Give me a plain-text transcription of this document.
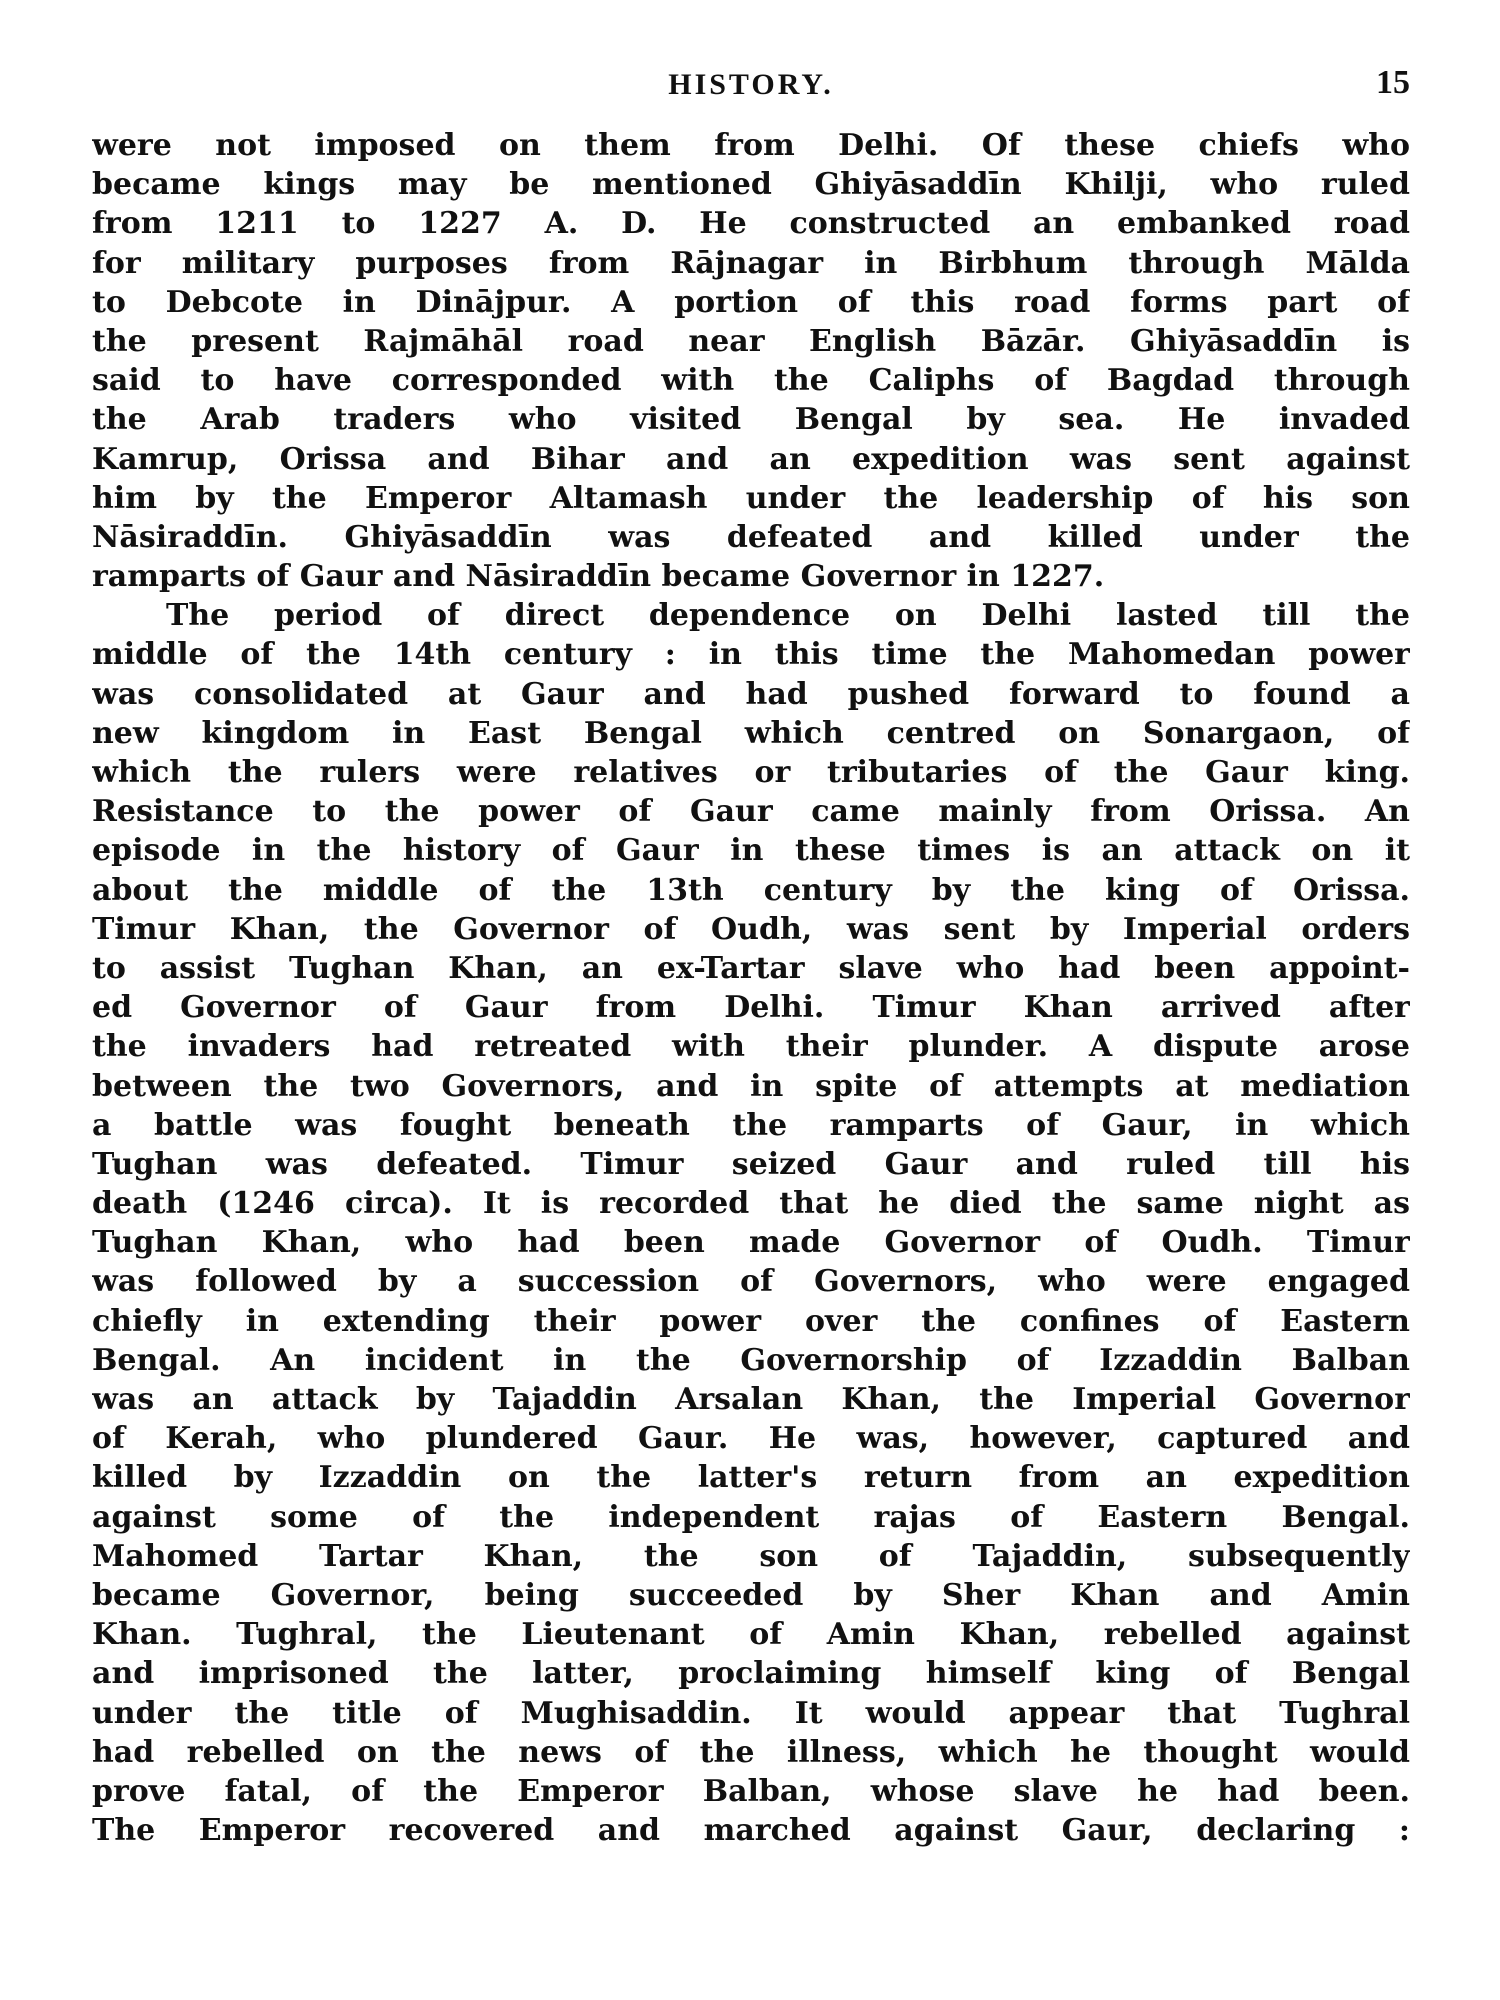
HISTORY.	15
were not imposed on them from Delhi. Of these chiefs who
became kings may be mentioned Ghiyāsaddīn Khilji, who ruled
from 1211 to 1227 A. D. He constructed an embanked road
for military purposes from Rājnagar in Birbhum through Mālda
to Debcote in Dinājpur. A portion of this road forms part of
the present Rajmāhāl road near English Bāzār. Ghiyāsaddīn is
said to have corresponded with the Caliphs of Bagdad through
the Arab traders who visited Bengal by sea. He invaded
Kamrup, Orissa and Bihar and an expedition was sent against
him by the Emperor Altamash under the leadership of his son
Nāsiraddīn. Ghiyāsaddīn was defeated and killed under the
ramparts of Gaur and Nāsiraddīn became Governor in 1227.
The period of direct dependence on Delhi lasted till the
middle of the 14th century : in this time the Mahomedan power
was consolidated at Gaur and had pushed forward to found a
new kingdom in East Bengal which centred on Sonargaon, of
which the rulers were relatives or tributaries of the Gaur king.
Resistance to the power of Gaur came mainly from Orissa. An
episode in the history of Gaur in these times is an attack on it
about the middle of the 13th century by the king of Orissa.
Timur Khan, the Governor of Oudh, was sent by Imperial orders
to assist Tughan Khan, an ex-Tartar slave who had been appoint-
ed Governor of Gaur from Delhi. Timur Khan arrived after
the invaders had retreated with their plunder. A dispute arose
between the two Governors, and in spite of attempts at mediation
a battle was fought beneath the ramparts of Gaur, in which
Tughan was defeated. Timur seized Gaur and ruled till his
death (1246 circa). It is recorded that he died the same night as
Tughan Khan, who had been made Governor of Oudh. Timur
was followed by a succession of Governors, who were engaged
chiefly in extending their power over the confines of Eastern
Bengal. An incident in the Governorship of Izzaddin Balban
was an attack by Tajaddin Arsalan Khan, the Imperial Governor
of Kerah, who plundered Gaur. He was, however, captured and
killed by Izzaddin on the latter's return from an expedition
against some of the independent rajas of Eastern Bengal.
Mahomed Tartar Khan, the son of Tajaddin, subsequently
became Governor, being succeeded by Sher Khan and Amin
Khan. Tughral, the Lieutenant of Amin Khan, rebelled against
and imprisoned the latter, proclaiming himself king of Bengal
under the title of Mughisaddin. It would appear that Tughral
had rebelled on the news of the illness, which he thought would
prove fatal, of the Emperor Balban, whose slave he had been.
The Emperor recovered and marched against Gaur, declaring :
